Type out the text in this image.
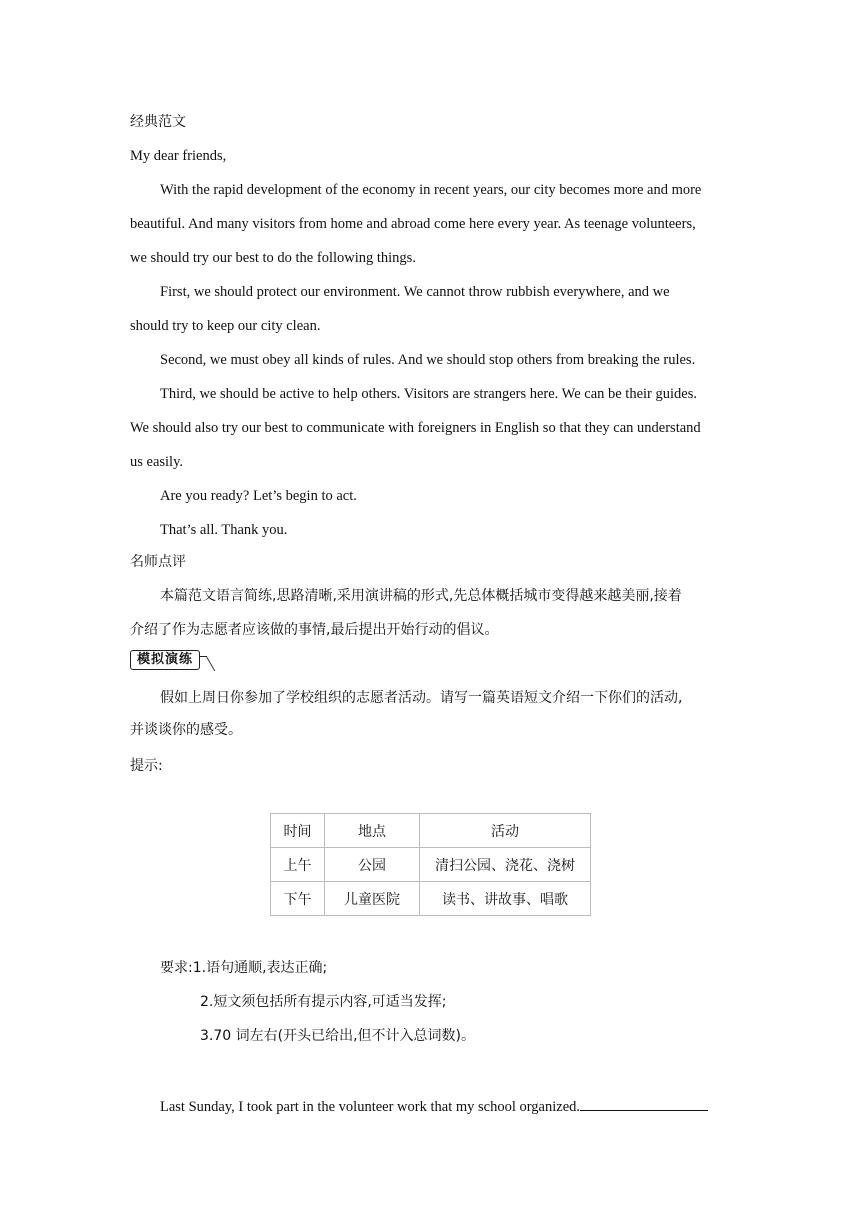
经典范文
My dear friends,
With the rapid development of the economy in recent years, our city becomes more and more
beautiful. And many visitors from home and abroad come here every year. As teenage volunteers,
we should try our best to do the following things.
First, we should protect our environment. We cannot throw rubbish everywhere, and we
should try to keep our city clean.
Second, we must obey all kinds of rules. And we should stop others from breaking the rules.
Third, we should be active to help others. Visitors are strangers here. We can be their guides.
We should also try our best to communicate with foreigners in English so that they can understand
us easily.
Are you ready? Let’s begin to act.
That’s all. Thank you.
名师点评
本篇范文语言简练,思路清晰,采用演讲稿的形式,先总体概括城市变得越来越美丽,接着
介绍了作为志愿者应该做的事情,最后提出开始行动的倡议。
模拟演练
假如上周日你参加了学校组织的志愿者活动。请写一篇英语短文介绍一下你们的活动,
并谈谈你的感受。
提示:
时间	地点	活动
上午	公园	清扫公园、浇花、浇树
下午	儿童医院	读书、讲故事、唱歌
要求:1.语句通顺,表达正确;
2.短文须包括所有提示内容,可适当发挥;
3.70 词左右(开头已给出,但不计入总词数)。
Last Sunday, I took part in the volunteer work that my school organized.
